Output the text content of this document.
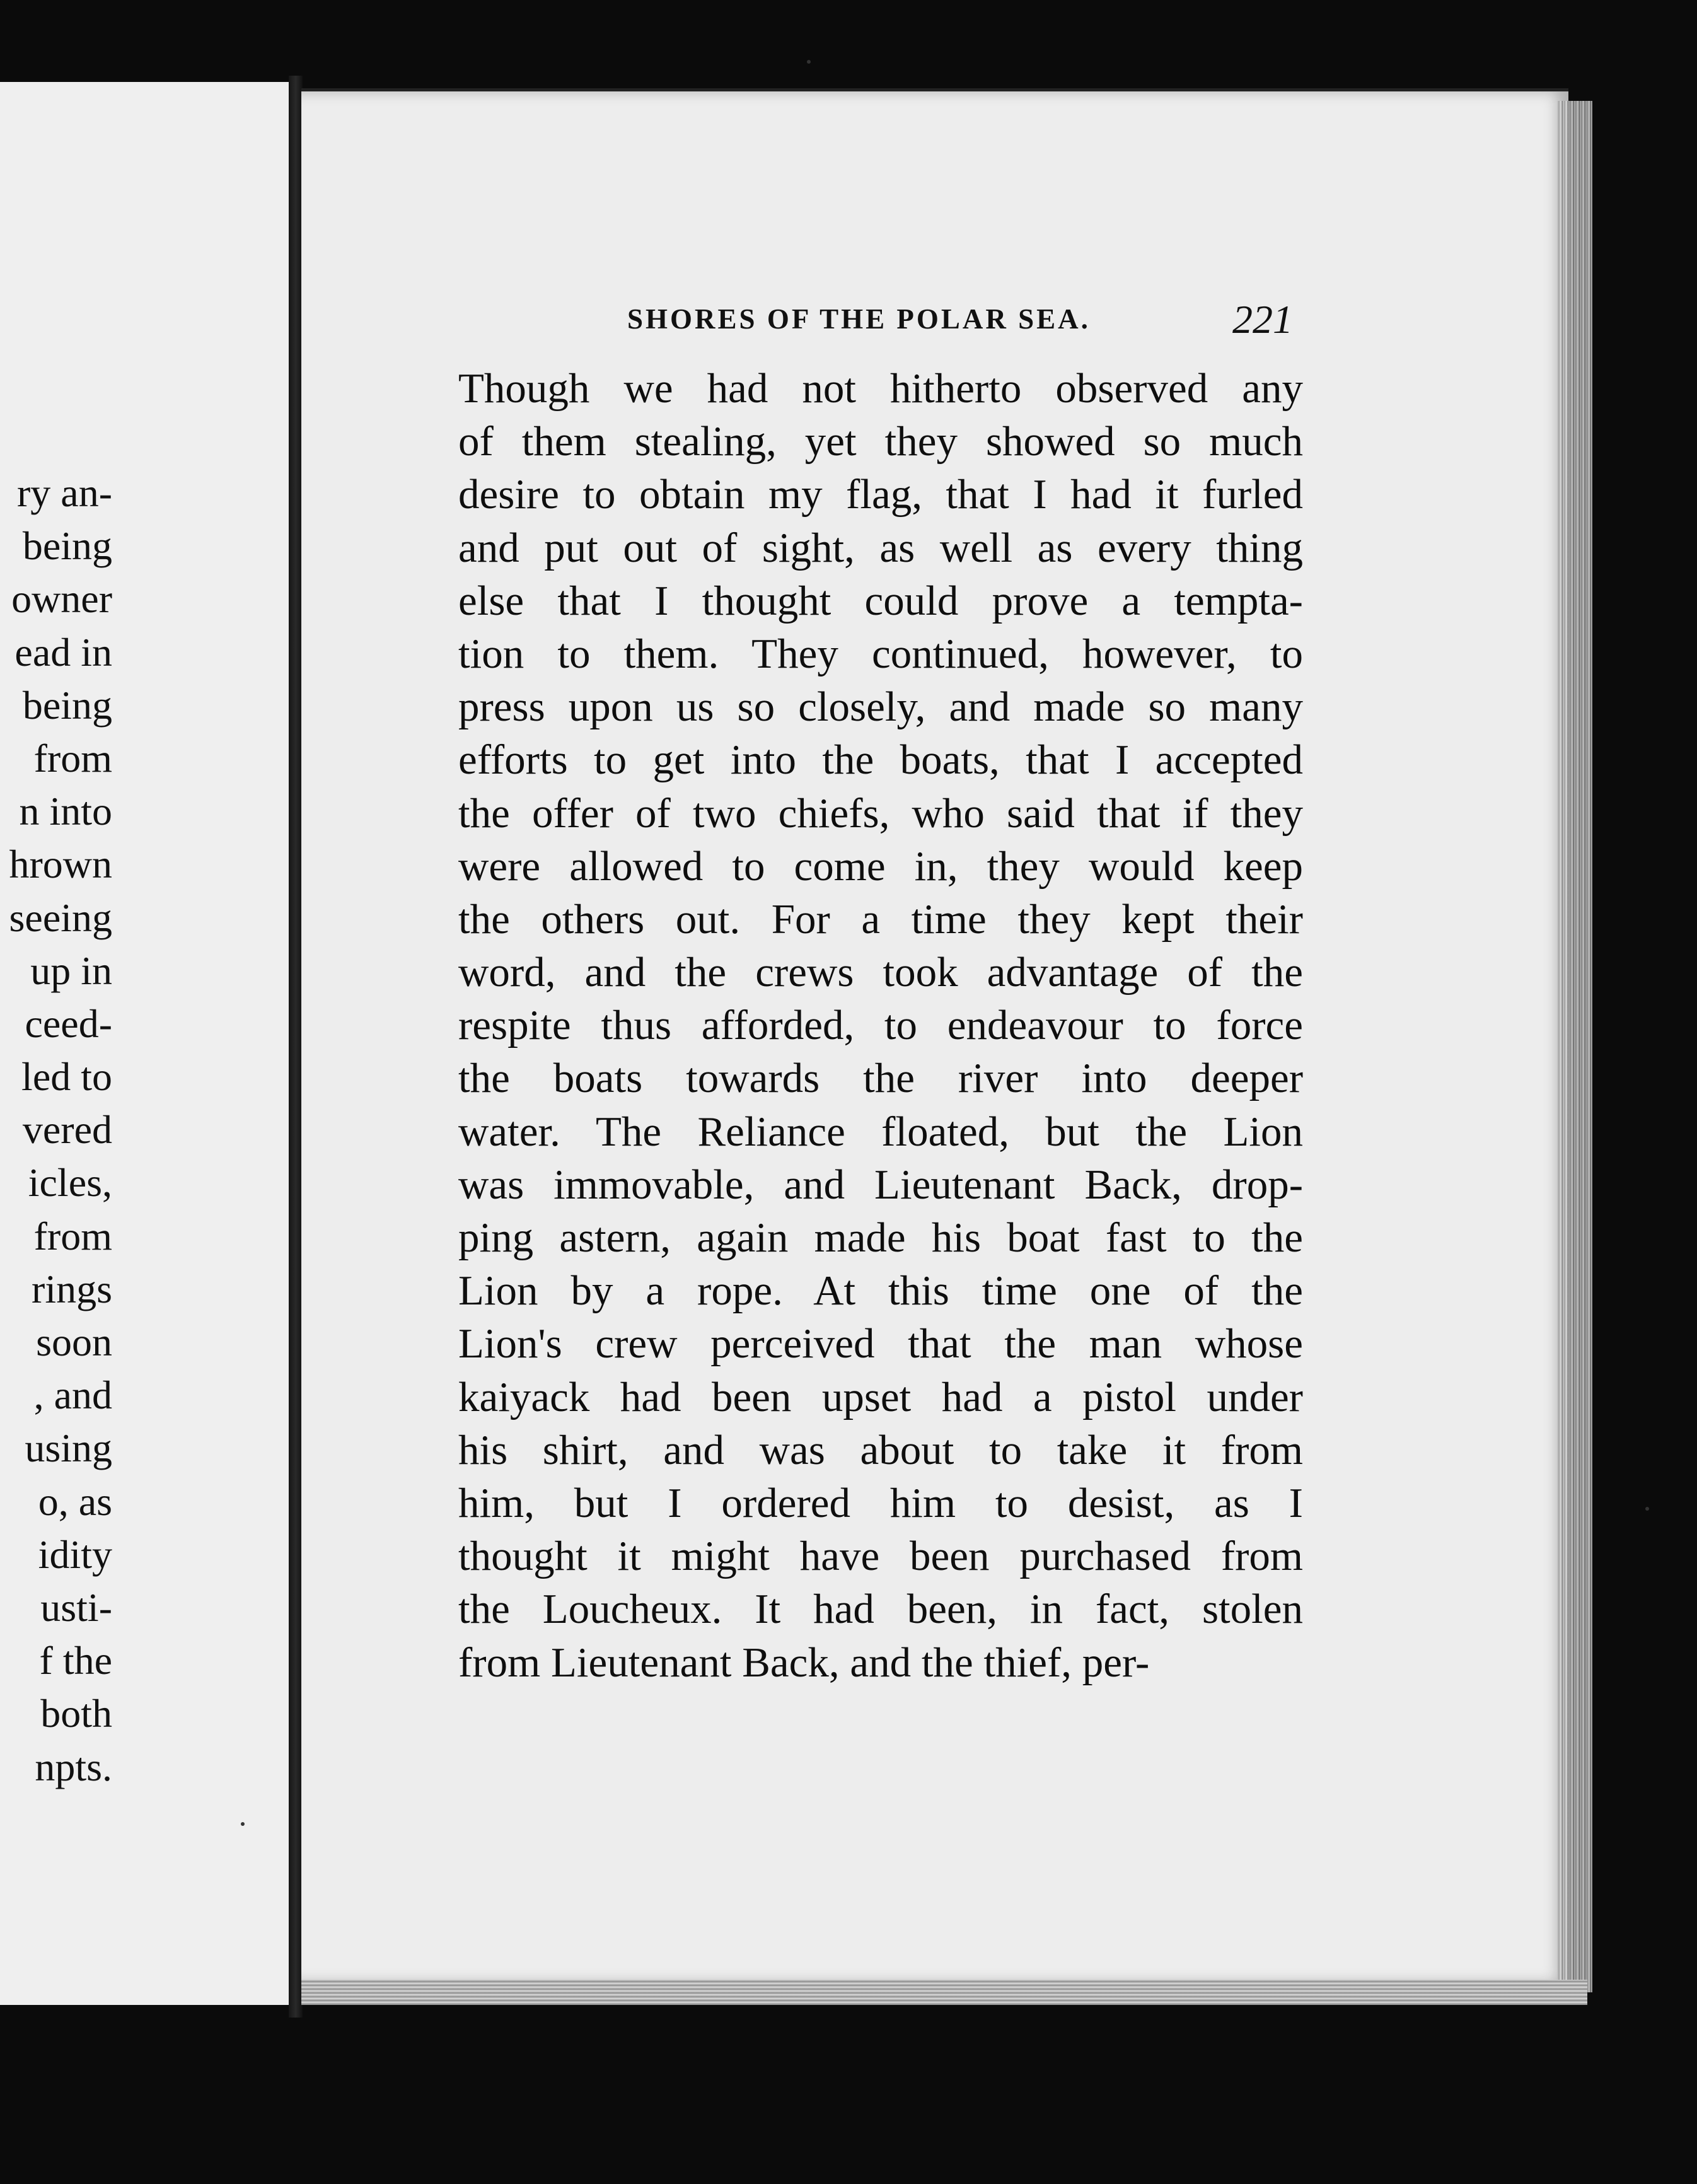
ry an-
being
owner
ead in
being
from
n into
hrown
seeing
up in
ceed-
led to
vered
icles,
from
rings
soon
, and
using
o, as
idity
usti-
f the
both
npts.
SHORES OF THE POLAR SEA.	221
Though we had not hitherto observed any
of them stealing, yet they showed so much
desire to obtain my flag, that I had it furled
and put out of sight, as well as every thing
else that I thought could prove a tempta-
tion to them. They continued, however, to
press upon us so closely, and made so many
efforts to get into the boats, that I accepted
the offer of two chiefs, who said that if they
were allowed to come in, they would keep
the others out. For a time they kept their
word, and the crews took advantage of the
respite thus afforded, to endeavour to force
the boats towards the river into deeper
water. The Reliance floated, but the Lion
was immovable, and Lieutenant Back, drop-
ping astern, again made his boat fast to the
Lion by a rope. At this time one of the
Lion's crew perceived that the man whose
kaiyack had been upset had a pistol under
his shirt, and was about to take it from
him, but I ordered him to desist, as I
thought it might have been purchased from
the Loucheux. It had been, in fact, stolen
from Lieutenant Back, and the thief, per-
